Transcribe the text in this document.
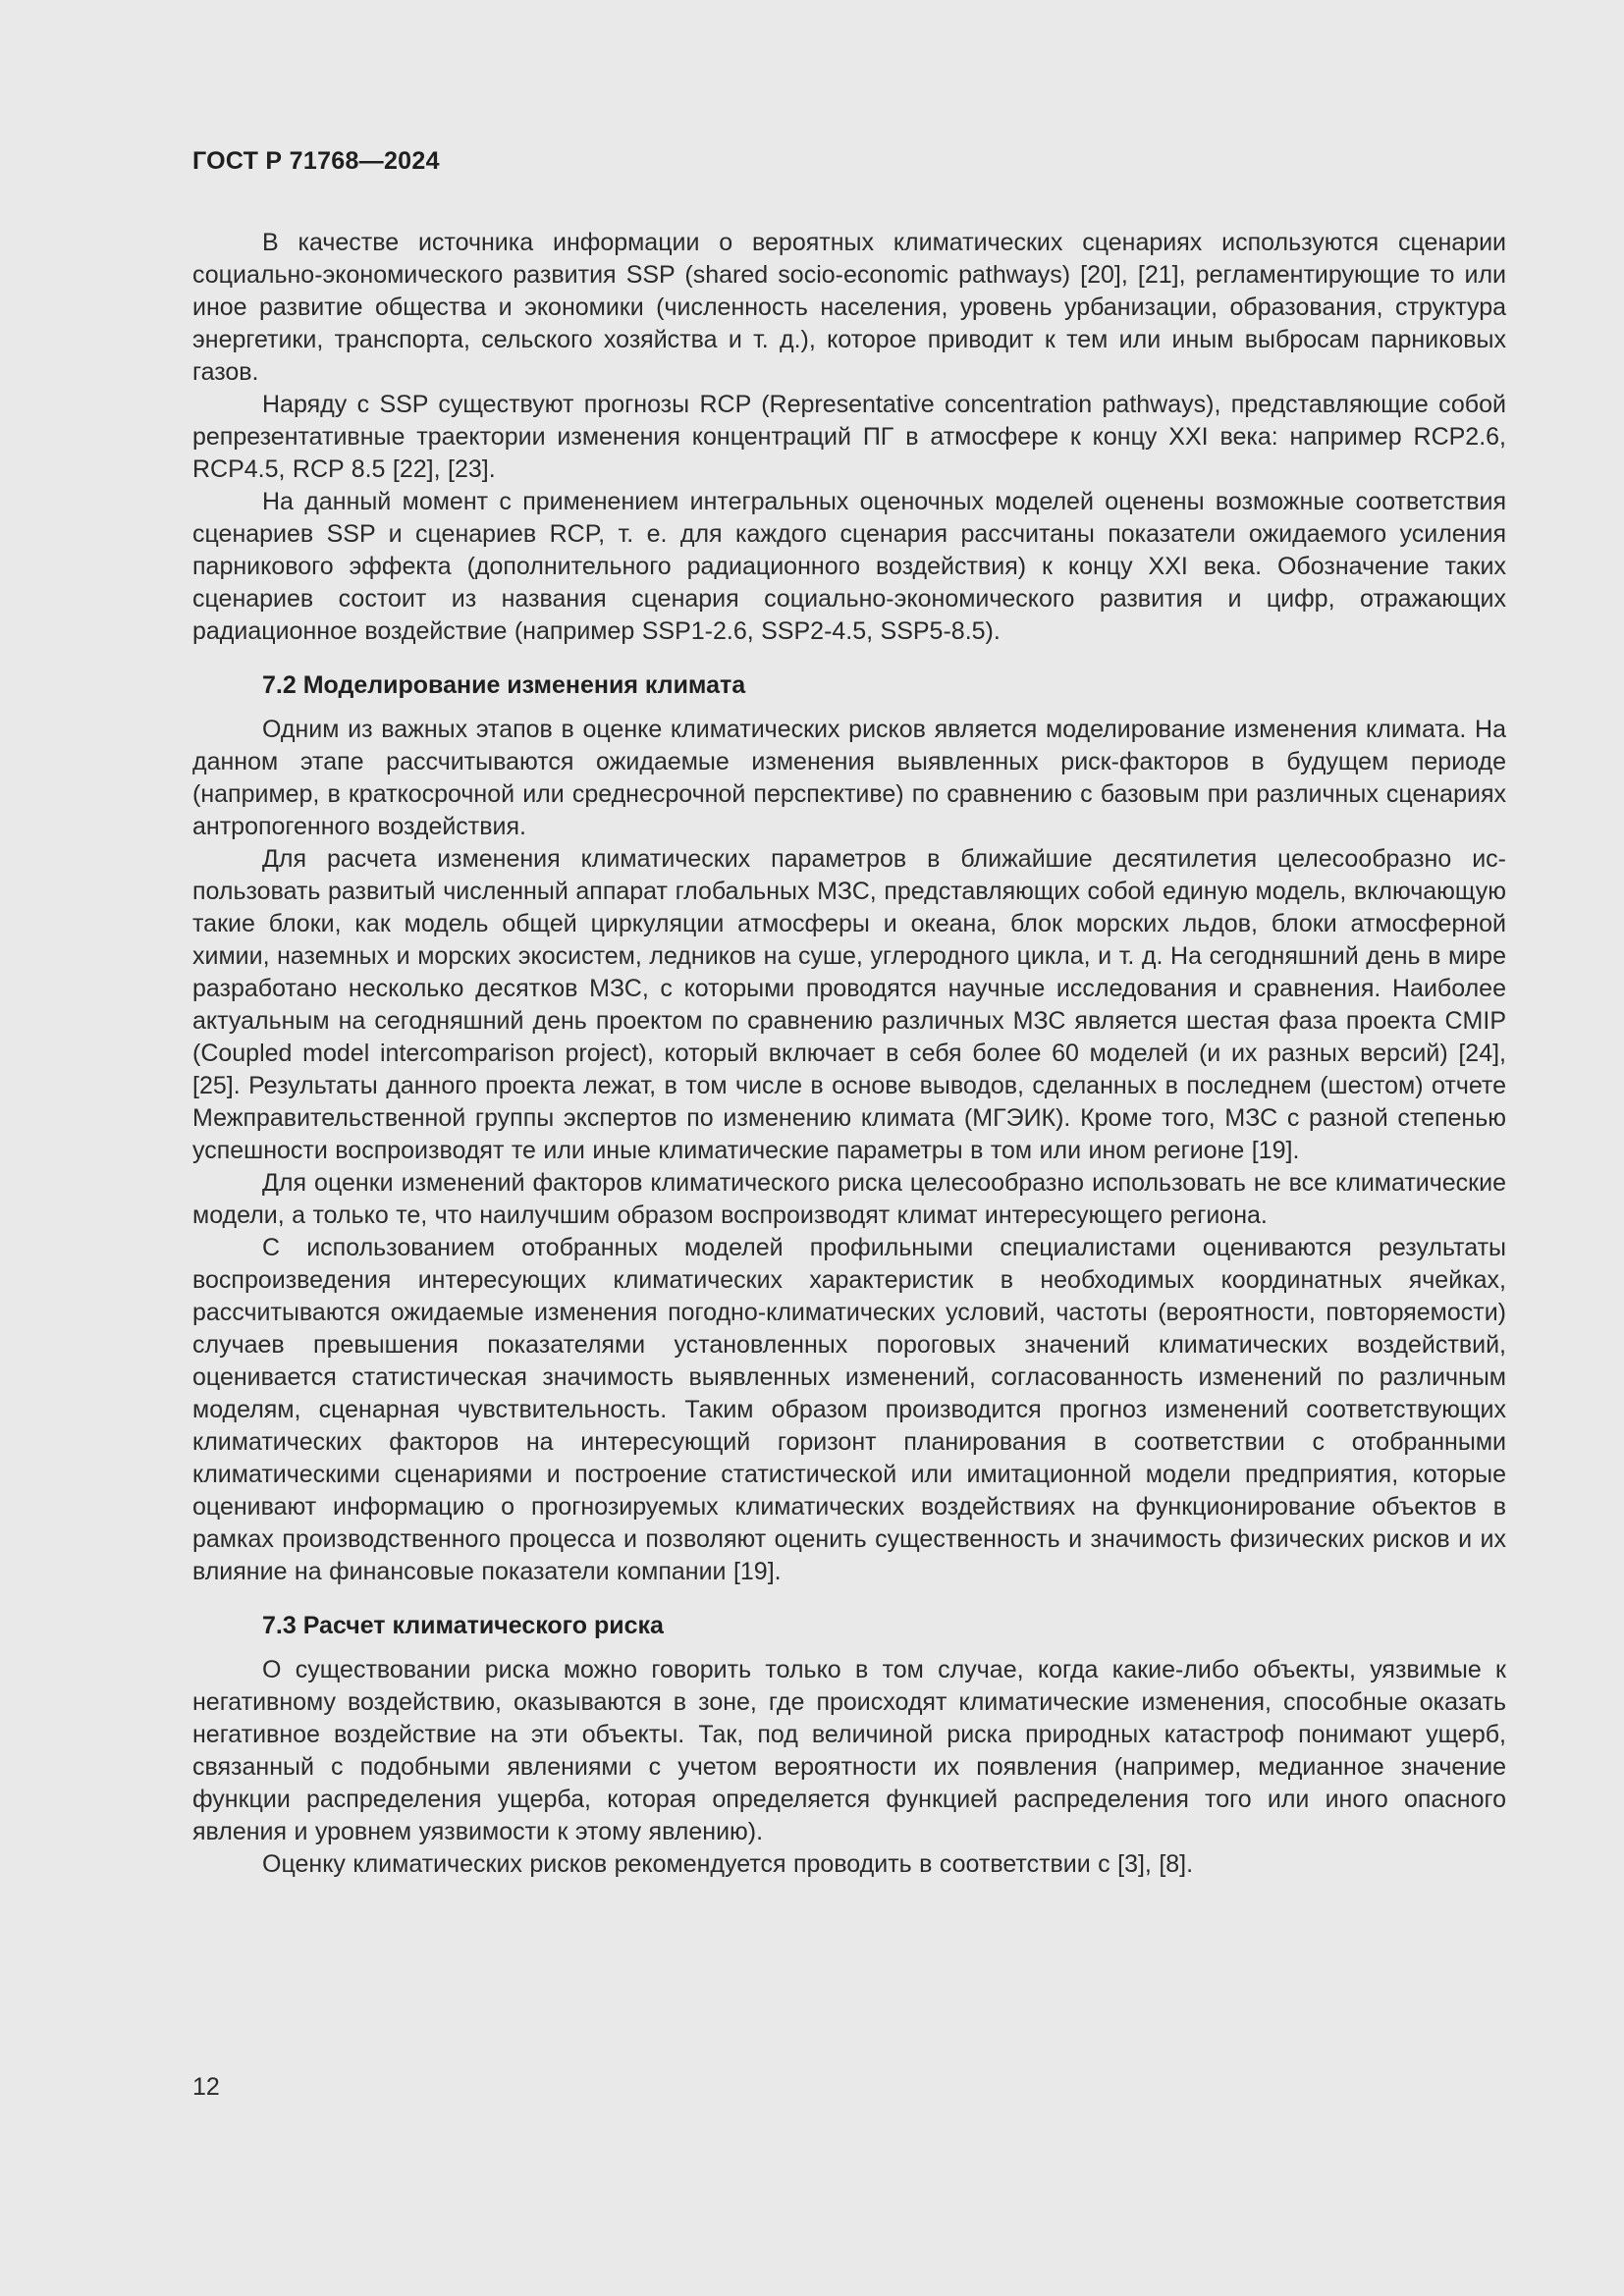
ГОСТ Р 71768—2024

В качестве источника информации о вероятных климатических сценариях используются сценарии социально-экономического развития SSP (shared socio-economic pathways) [20], [21], регламентирующие то или иное развитие общества и экономики (численность населения, уровень урбанизации, образования, структура энергетики, транспорта, сельского хозяйства и т. д.), которое приводит к тем или иным выбросам парниковых газов.

Наряду с SSP существуют прогнозы RCP (Representative concentration pathways), представляющие собой репрезентативные траектории изменения концентраций ПГ в атмосфере к концу XXI века: например RCP2.6, RCP4.5, RCP 8.5 [22], [23].

На данный момент с применением интегральных оценочных моделей оценены возможные соответствия сценариев SSP и сценариев RCP, т. е. для каждого сценария рассчитаны показатели ожидаемого усиления парникового эффекта (дополнительного радиационного воздействия) к концу XXI века. Обозначение таких сценариев состоит из названия сценария социально-экономического развития и цифр, отражающих радиационное воздействие (например SSP1-2.6, SSP2-4.5, SSP5-8.5).

7.2 Моделирование изменения климата

Одним из важных этапов в оценке климатических рисков является моделирование изменения климата. На данном этапе рассчитываются ожидаемые изменения выявленных риск-факторов в будущем периоде (например, в краткосрочной или среднесрочной перспективе) по сравнению с базовым при различных сценариях антропогенного воздействия.

Для расчета изменения климатических параметров в ближайшие десятилетия целесообразно использовать развитый численный аппарат глобальных МЗС, представляющих собой единую модель, включающую такие блоки, как модель общей циркуляции атмосферы и океана, блок морских льдов, блоки атмосферной химии, наземных и морских экосистем, ледников на суше, углеродного цикла, и т. д. На сегодняшний день в мире разработано несколько десятков МЗС, с которыми проводятся научные исследования и сравнения. Наиболее актуальным на сегодняшний день проектом по сравнению различных МЗС является шестая фаза проекта CMIP (Coupled model intercomparison project), который включает в себя более 60 моделей (и их разных версий) [24], [25]. Результаты данного проекта лежат, в том числе в основе выводов, сделанных в последнем (шестом) отчете Межправительственной группы экспертов по изменению климата (МГЭИК). Кроме того, МЗС с разной степенью успешности воспроизводят те или иные климатические параметры в том или ином регионе [19].

Для оценки изменений факторов климатического риска целесообразно использовать не все климатические модели, а только те, что наилучшим образом воспроизводят климат интересующего региона.

С использованием отобранных моделей профильными специалистами оцениваются результаты воспроизведения интересующих климатических характеристик в необходимых координатных ячейках, рассчитываются ожидаемые изменения погодно-климатических условий, частоты (вероятности, повторяемости) случаев превышения показателями установленных пороговых значений климатических воздействий, оценивается статистическая значимость выявленных изменений, согласованность изменений по различным моделям, сценарная чувствительность. Таким образом производится прогноз изменений соответствующих климатических факторов на интересующий горизонт планирования в соответствии с отобранными климатическими сценариями и построение статистической или имитационной модели предприятия, которые оценивают информацию о прогнозируемых климатических воздействиях на функционирование объектов в рамках производственного процесса и позволяют оценить существенность и значимость физических рисков и их влияние на финансовые показатели компании [19].

7.3 Расчет климатического риска

О существовании риска можно говорить только в том случае, когда какие-либо объекты, уязвимые к негативному воздействию, оказываются в зоне, где происходят климатические изменения, способные оказать негативное воздействие на эти объекты. Так, под величиной риска природных катастроф понимают ущерб, связанный с подобными явлениями с учетом вероятности их появления (например, медианное значение функции распределения ущерба, которая определяется функцией распределения того или иного опасного явления и уровнем уязвимости к этому явлению).

Оценку климатических рисков рекомендуется проводить в соответствии с [3], [8].

12
